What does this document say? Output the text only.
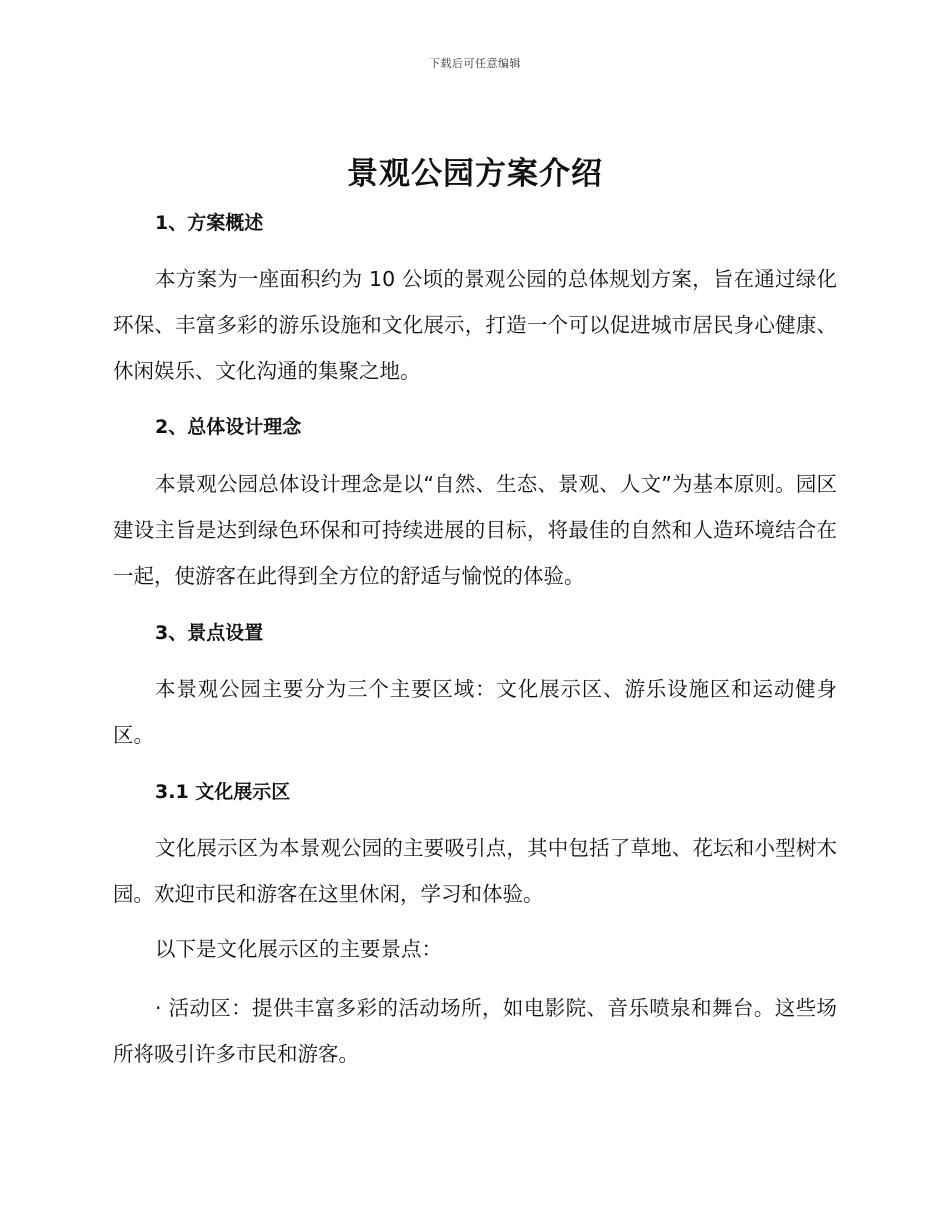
下载后可任意编辑
景观公园方案介绍
1、方案概述
本方案为一座面积约为 10 公顷的景观公园的总体规划方案，旨在通过绿化环保、丰富多彩的游乐设施和文化展示，打造一个可以促进城市居民身心健康、休闲娱乐、文化沟通的集聚之地。
2、总体设计理念
本景观公园总体设计理念是以“自然、生态、景观、人文”为基本原则。园区建设主旨是达到绿色环保和可持续进展的目标，将最佳的自然和人造环境结合在一起，使游客在此得到全方位的舒适与愉悦的体验。
3、景点设置
本景观公园主要分为三个主要区域：文化展示区、游乐设施区和运动健身区。
3.1 文化展示区
文化展示区为本景观公园的主要吸引点，其中包括了草地、花坛和小型树木园。欢迎市民和游客在这里休闲，学习和体验。
以下是文化展示区的主要景点：
· 活动区：提供丰富多彩的活动场所，如电影院、音乐喷泉和舞台。这些场所将吸引许多市民和游客。
